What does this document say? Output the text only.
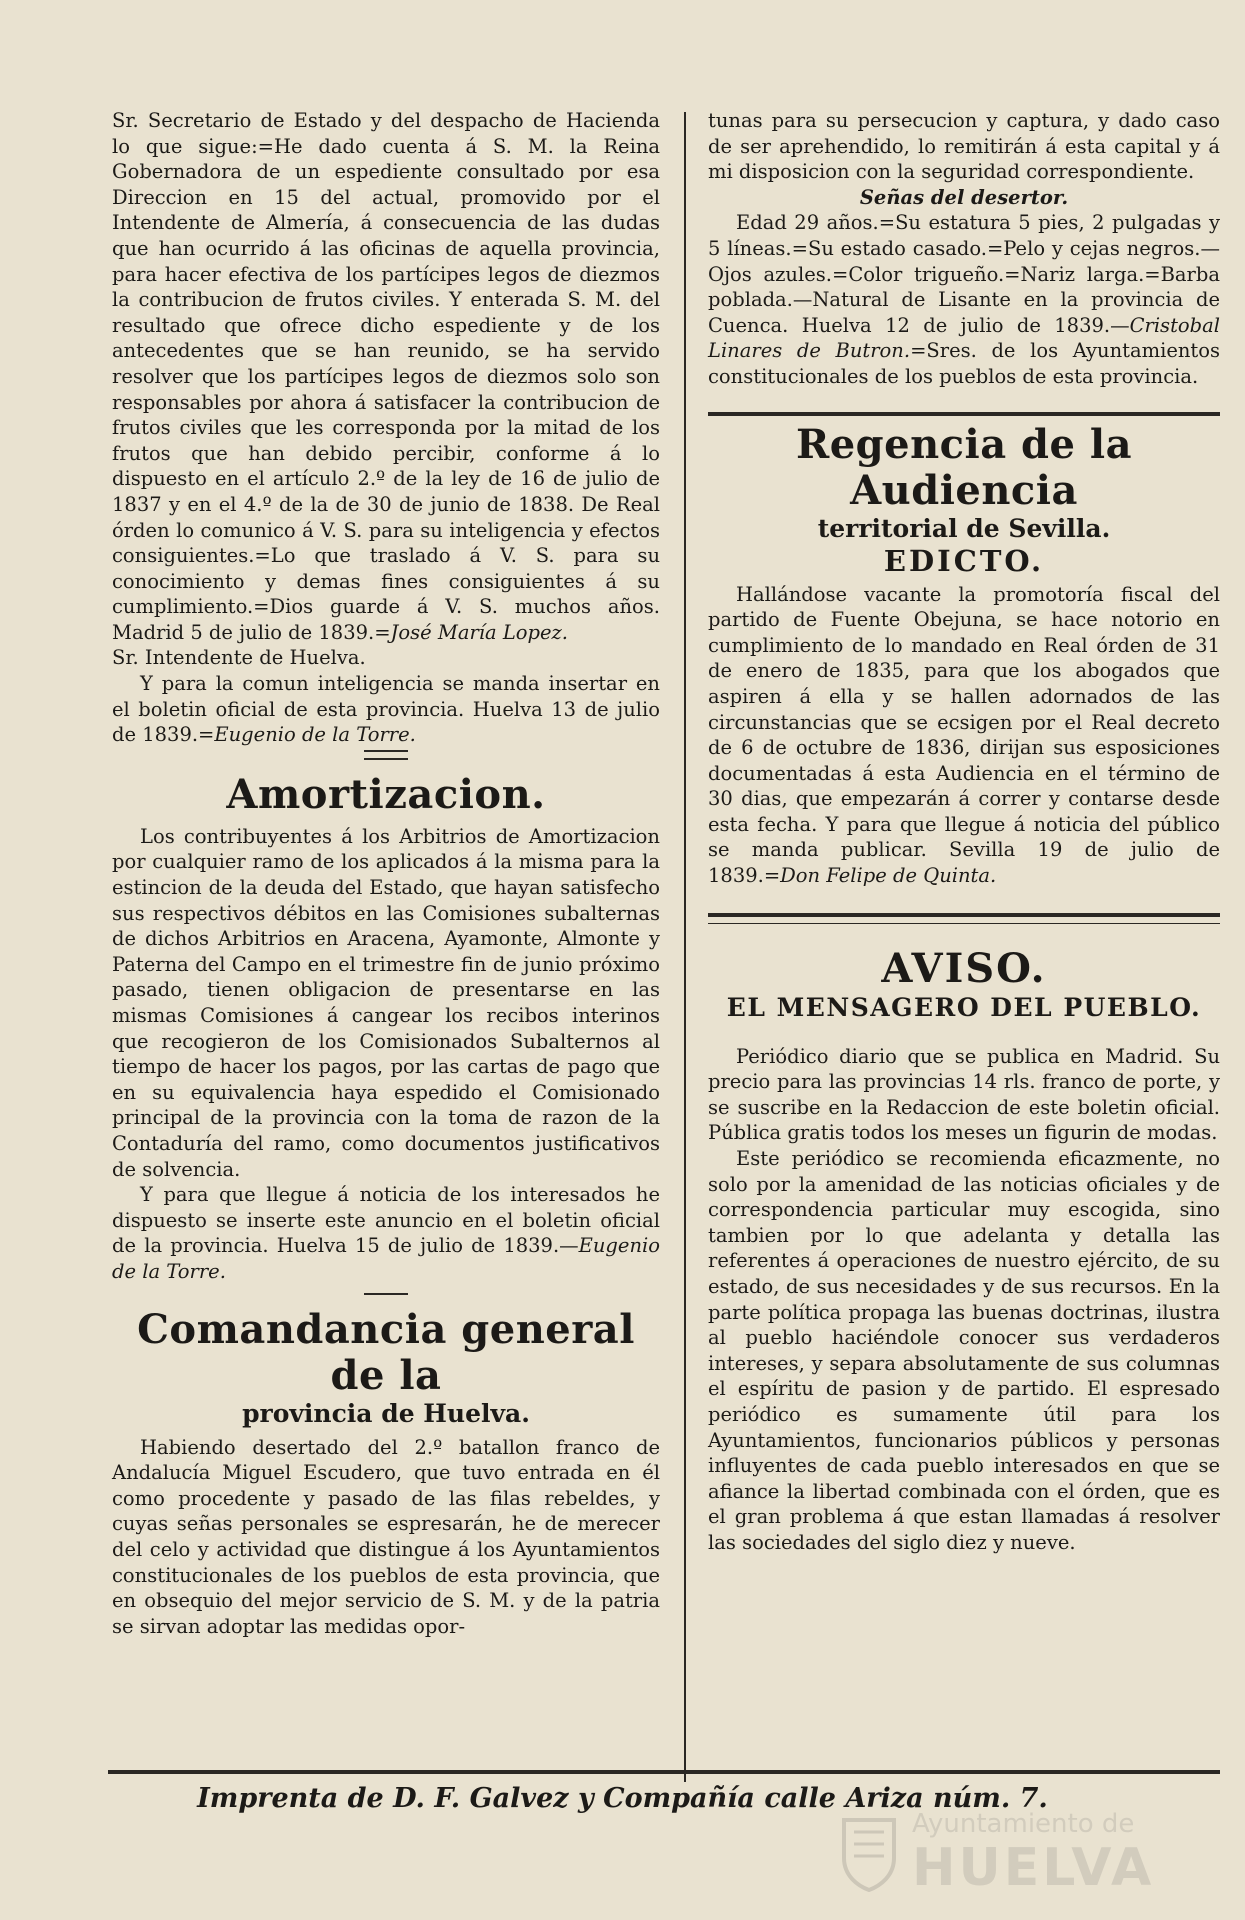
Sr. Secretario de Estado y del despacho de Hacienda lo que sigue:=He dado cuenta á S. M. la Reina Gobernadora de un espediente consultado por esa Direccion en 15 del actual, promovido por el Intendente de Almería, á consecuencia de las dudas que han ocurrido á las oficinas de aquella provincia, para hacer efectiva de los partícipes legos de diezmos la contribucion de frutos civiles. Y enterada S. M. del resultado que ofrece dicho espediente y de los antecedentes que se han reunido, se ha servido resolver que los partícipes legos de diezmos solo son responsables por ahora á satisfacer la contribucion de frutos civiles que les corresponda por la mitad de los frutos que han debido percibir, conforme á lo dispuesto en el artículo 2.º de la ley de 16 de julio de 1837 y en el 4.º de la de 30 de junio de 1838. De Real órden lo comunico á V. S. para su inteligencia y efectos consiguientes.=Lo que traslado á V. S. para su conocimiento y demas fines consiguientes á su cumplimiento.=Dios guarde á V. S. muchos años. Madrid 5 de julio de 1839.=José María Lopez.

Sr. Intendente de Huelva.

Y para la comun inteligencia se manda insertar en el boletin oficial de esta provincia. Huelva 13 de julio de 1839.=Eugenio de la Torre.

Amortizacion.

Los contribuyentes á los Arbitrios de Amortizacion por cualquier ramo de los aplicados á la misma para la estincion de la deuda del Estado, que hayan satisfecho sus respectivos débitos en las Comisiones subalternas de dichos Arbitrios en Aracena, Ayamonte, Almonte y Paterna del Campo en el trimestre fin de junio próximo pasado, tienen obligacion de presentarse en las mismas Comisiones á cangear los recibos interinos que recogieron de los Comisionados Subalternos al tiempo de hacer los pagos, por las cartas de pago que en su equivalencia haya espedido el Comisionado principal de la provincia con la toma de razon de la Contaduría del ramo, como documentos justificativos de solvencia.

Y para que llegue á noticia de los interesados he dispuesto se inserte este anuncio en el boletin oficial de la provincia. Huelva 15 de julio de 1839.—Eugenio de la Torre.

Comandancia general de la
provincia de Huelva.

Habiendo desertado del 2.º batallon franco de Andalucía Miguel Escudero, que tuvo entrada en él como procedente y pasado de las filas rebeldes, y cuyas señas personales se espresarán, he de merecer del celo y actividad que distingue á los Ayuntamientos constitucionales de los pueblos de esta provincia, que en obsequio del mejor servicio de S. M. y de la patria se sirvan adoptar las medidas opor-

tunas para su persecucion y captura, y dado caso de ser aprehendido, lo remitirán á esta capital y á mi disposicion con la seguridad correspondiente.

Señas del desertor.

Edad 29 años.=Su estatura 5 pies, 2 pulgadas y 5 líneas.=Su estado casado.=Pelo y cejas negros.—Ojos azules.=Color trigueño.=Nariz larga.=Barba poblada.—Natural de Lisante en la provincia de Cuenca. Huelva 12 de julio de 1839.—Cristobal Linares de Butron.=Sres. de los Ayuntamientos constitucionales de los pueblos de esta provincia.

Regencia de la Audiencia
territorial de Sevilla.
EDICTO.

Hallándose vacante la promotoría fiscal del partido de Fuente Obejuna, se hace notorio en cumplimiento de lo mandado en Real órden de 31 de enero de 1835, para que los abogados que aspiren á ella y se hallen adornados de las circunstancias que se ecsigen por el Real decreto de 6 de octubre de 1836, dirijan sus esposiciones documentadas á esta Audiencia en el término de 30 dias, que empezarán á correr y contarse desde esta fecha. Y para que llegue á noticia del público se manda publicar. Sevilla 19 de julio de 1839.=Don Felipe de Quinta.

AVISO.
EL MENSAGERO DEL PUEBLO.

Periódico diario que se publica en Madrid. Su precio para las provincias 14 rls. franco de porte, y se suscribe en la Redaccion de este boletin oficial. Pública gratis todos los meses un figurin de modas.

Este periódico se recomienda eficazmente, no solo por la amenidad de las noticias oficiales y de correspondencia particular muy escogida, sino tambien por lo que adelanta y detalla las referentes á operaciones de nuestro ejército, de su estado, de sus necesidades y de sus recursos. En la parte política propaga las buenas doctrinas, ilustra al pueblo haciéndole conocer sus verdaderos intereses, y separa absolutamente de sus columnas el espíritu de pasion y de partido. El espresado periódico es sumamente útil para los Ayuntamientos, funcionarios públicos y personas influyentes de cada pueblo interesados en que se afiance la libertad combinada con el órden, que es el gran problema á que estan llamadas á resolver las sociedades del siglo diez y nueve.

Imprenta de D. F. Galvez y Compañía calle Ariza núm. 7.
Ayuntamiento de
HUELVA
